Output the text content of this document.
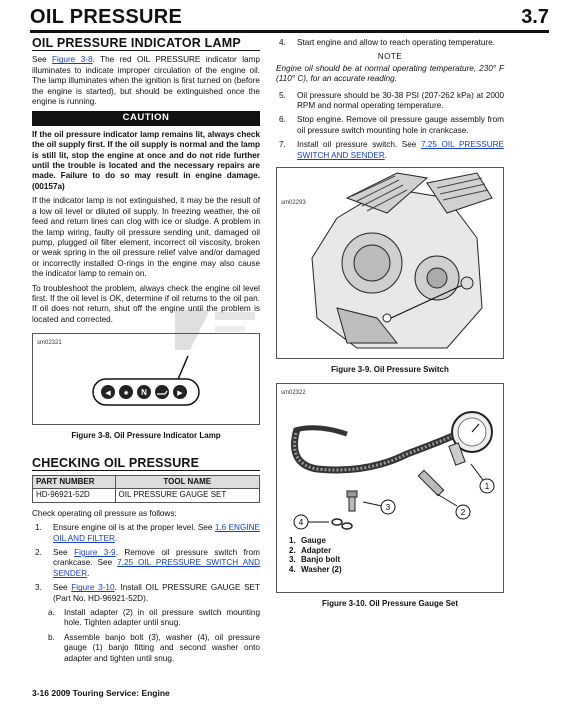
OIL PRESSURE	3.7
OIL PRESSURE INDICATOR LAMP

See Figure 3-8. The red OIL PRESSURE indicator lamp illuminates to indicate improper circulation of the engine oil. The lamp illuminates when the ignition is first turned on (before the engine is started), but should be extinguished once the engine is running.

CAUTION

If the oil pressure indicator lamp remains lit, always check the oil supply first. If the oil supply is normal and the lamp is still lit, stop the engine at once and do not ride further until the trouble is located and the necessary repairs are made. Failure to do so may result in engine damage. (00157a)

If the indicator lamp is not extinguished, it may be the result of a low oil level or diluted oil supply. In freezing weather, the oil feed and return lines can clog with ice or sludge. A problem in the lamp wiring, faulty oil pressure sending unit, damaged oil pump, plugged oil filter element, incorrect oil viscosity, broken or weak spring in the oil pressure relief valve and/or damaged or incorrectly installed O-rings in the engine may also cause the indicator lamp to remain on.

To troubleshoot the problem, always check the engine oil level first. If the oil level is OK, determine if oil returns to the oil pan. If oil does not return, shut off the engine until the problem is located and corrected.

sm02321
◀ ✺ N	▶
Figure 3-8. Oil Pressure Indicator Lamp
CHECKING OIL PRESSURE
PART NUMBER	TOOL NAME
HD-96921-52D	OIL PRESSURE GAUGE SET

Check operating oil pressure as follows:

1.	Ensure engine oil is at the proper level. See 1.6 ENGINE OIL AND FILTER.
2.	See Figure 3-9. Remove oil pressure switch from crankcase. See 7.25 OIL PRESSURE SWITCH AND SENDER.
3.	See Figure 3-10. Install OIL PRESSURE GAUGE SET (Part No. HD-96921-52D).
a.	Install adapter (2) in oil pressure switch mounting hole. Tighten adapter until snug.
b.	Assemble banjo bolt (3), washer (4), oil pressure gauge (1) banjo fitting and second washer onto adapter and tighten until snug.
4.	Start engine and allow to reach operating temperature.
NOTE

Engine oil should be at normal operating temperature, 230° F (110° C), for an accurate reading.

5.	Oil pressure should be 30-38 PSI (207-262 kPa) at 2000 RPM and normal operating temperature.
6.	Stop engine. Remove oil pressure gauge assembly from oil pressure switch mounting hole in crankcase.
7.	Install oil pressure switch. See 7.25 OIL PRESSURE SWITCH AND SENDER.
sm02293
Figure 3-9. Oil Pressure Switch
sm02322
3
4
1
2
1. Gauge
2. Adapter
3. Banjo bolt
4. Washer (2)
Figure 3-10. Oil Pressure Gauge Set
3-16 2009 Touring Service: Engine
